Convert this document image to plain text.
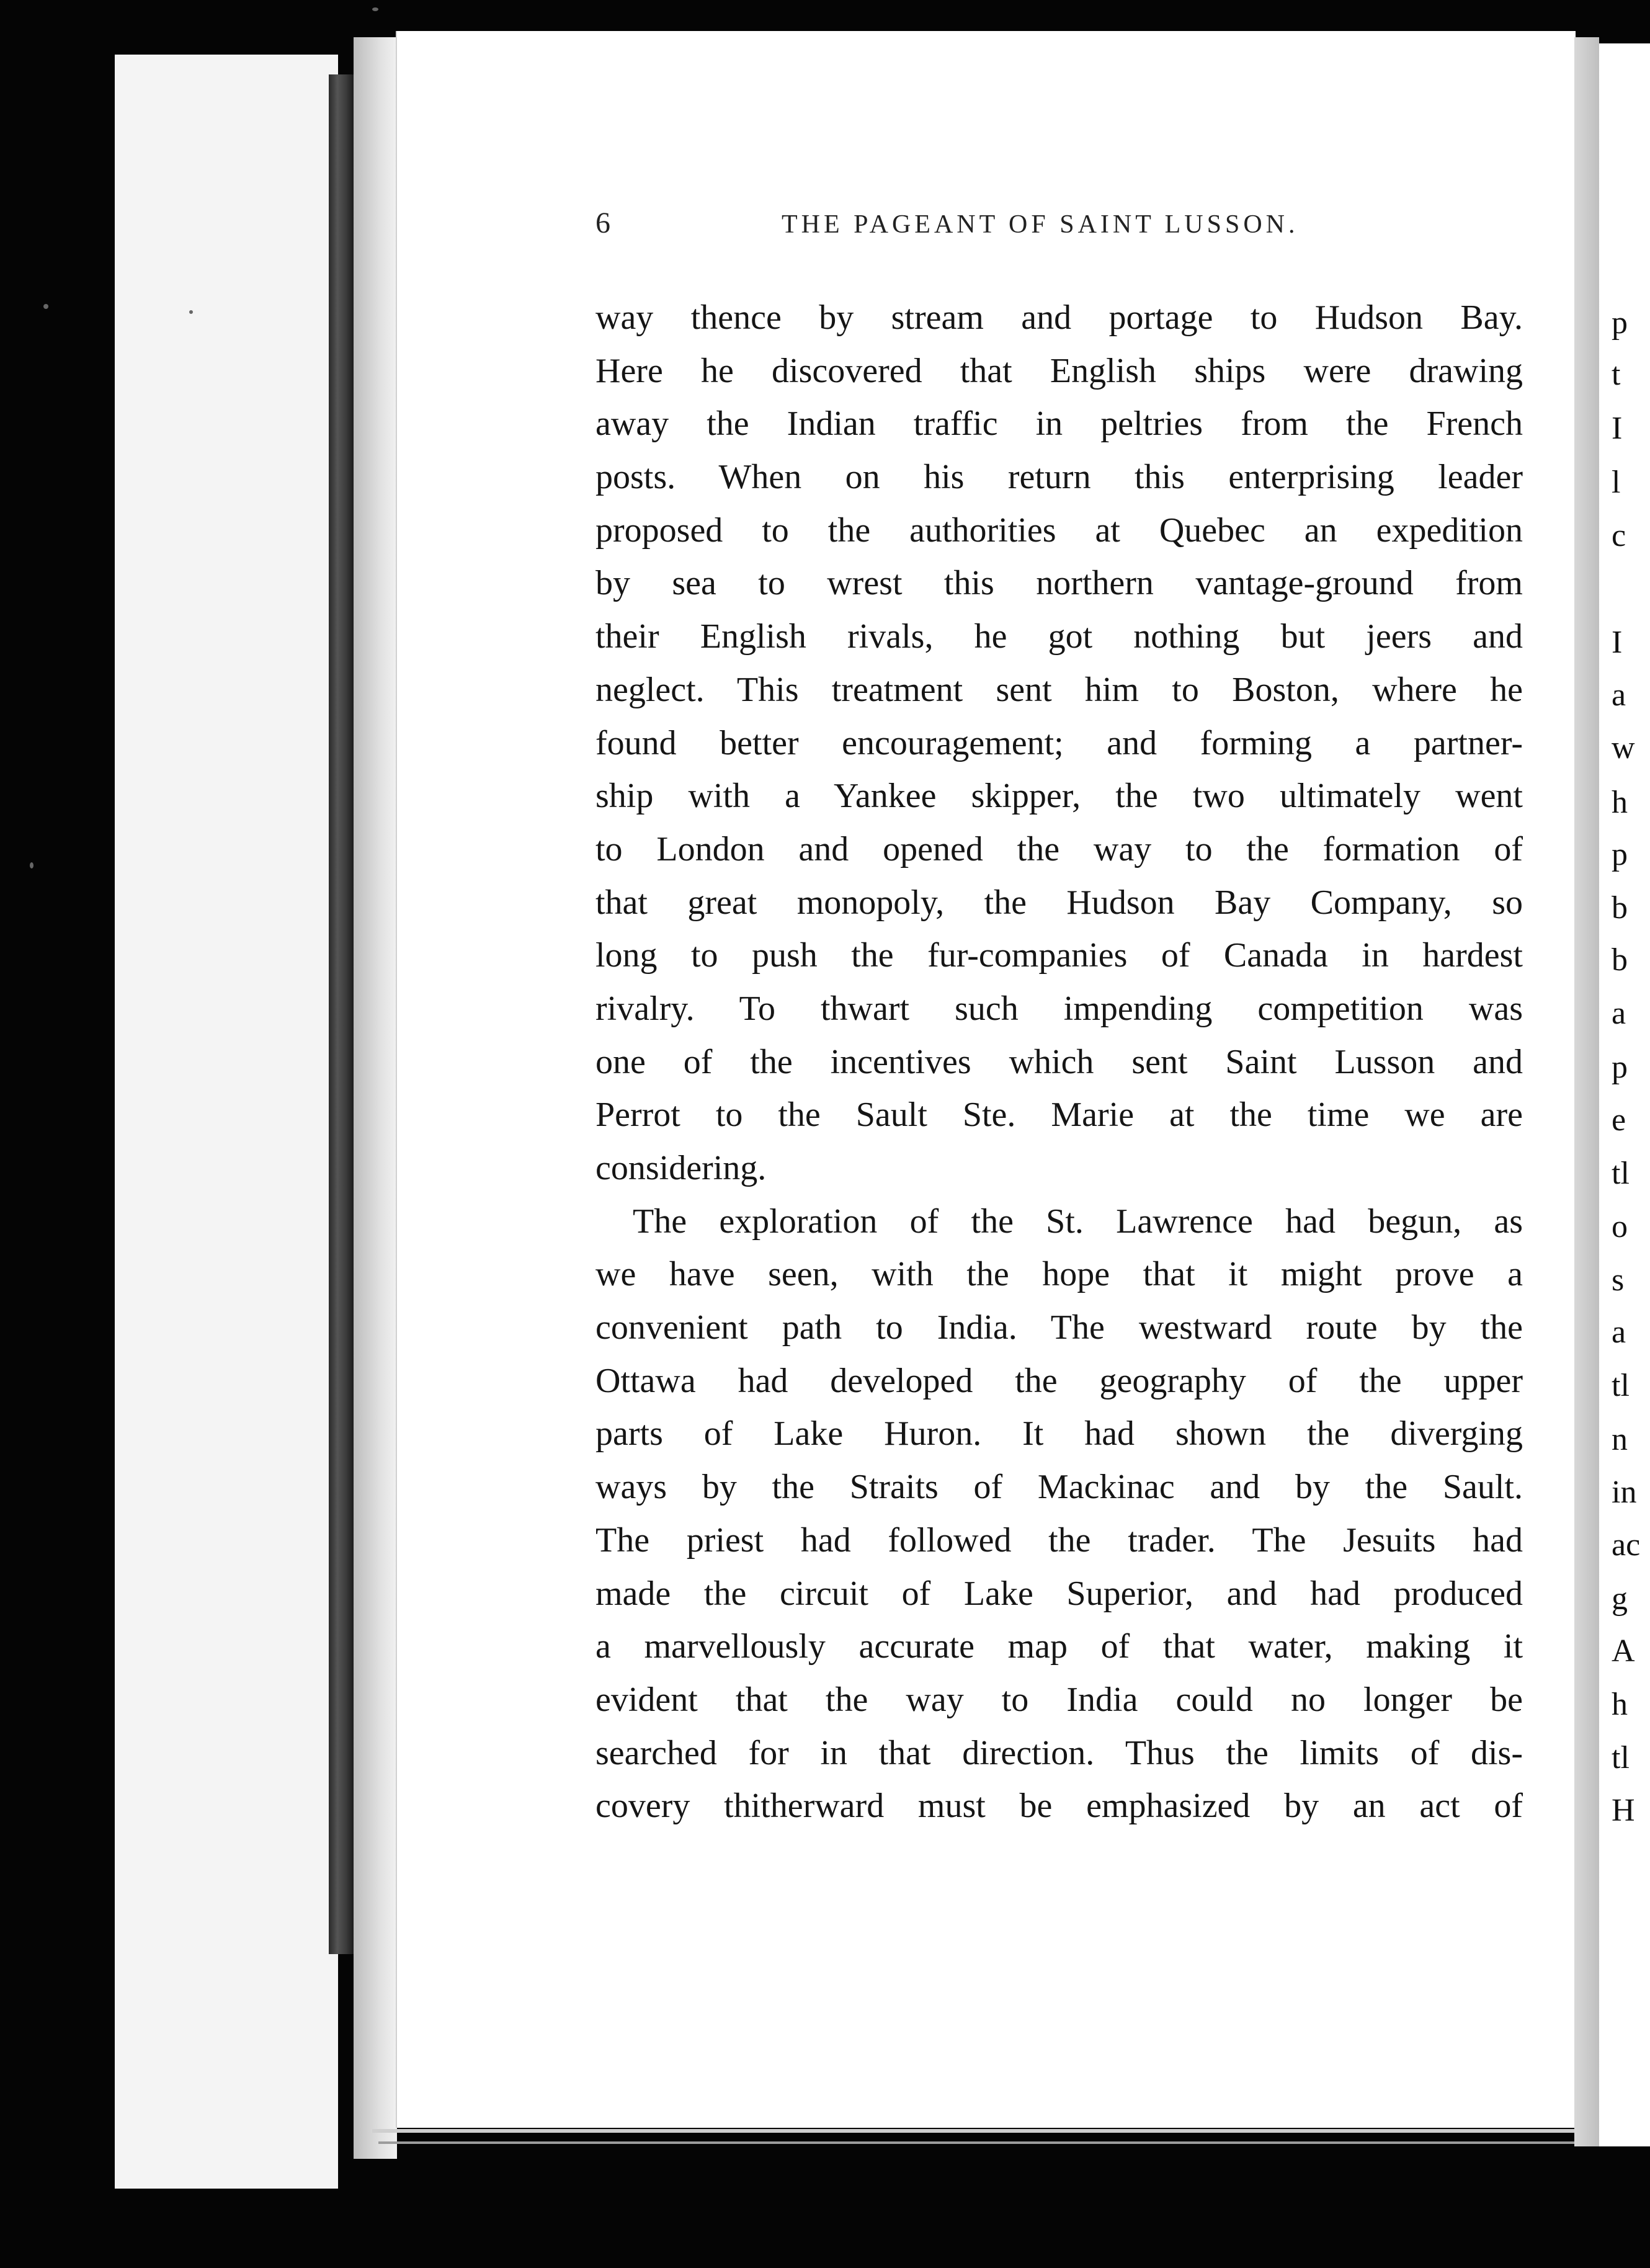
p
t
I
l
c
I
a
w
h
p
b
b
a
p
e
tl
o
s
a
tl
n
in
ac
g
A
h
tl
H
6	THE PAGEANT OF SAINT LUSSON.
way thence by stream and portage to Hudson Bay.
Here he discovered that English ships were drawing
away the Indian traffic in peltries from the French
posts. When on his return this enterprising leader
proposed to the authorities at Quebec an expedition
by sea to wrest this northern vantage-ground from
their English rivals, he got nothing but jeers and
neglect. This treatment sent him to Boston, where he
found better encouragement; and forming a partner-
ship with a Yankee skipper, the two ultimately went
to London and opened the way to the formation of
that great monopoly, the Hudson Bay Company, so
long to push the fur-companies of Canada in hardest
rivalry. To thwart such impending competition was
one of the incentives which sent Saint Lusson and
Perrot to the Sault Ste. Marie at the time we are
considering.
The exploration of the St. Lawrence had begun, as
we have seen, with the hope that it might prove a
convenient path to India. The westward route by the
Ottawa had developed the geography of the upper
parts of Lake Huron. It had shown the diverging
ways by the Straits of Mackinac and by the Sault.
The priest had followed the trader. The Jesuits had
made the circuit of Lake Superior, and had produced
a marvellously accurate map of that water, making it
evident that the way to India could no longer be
searched for in that direction. Thus the limits of dis-
covery thitherward must be emphasized by an act of
